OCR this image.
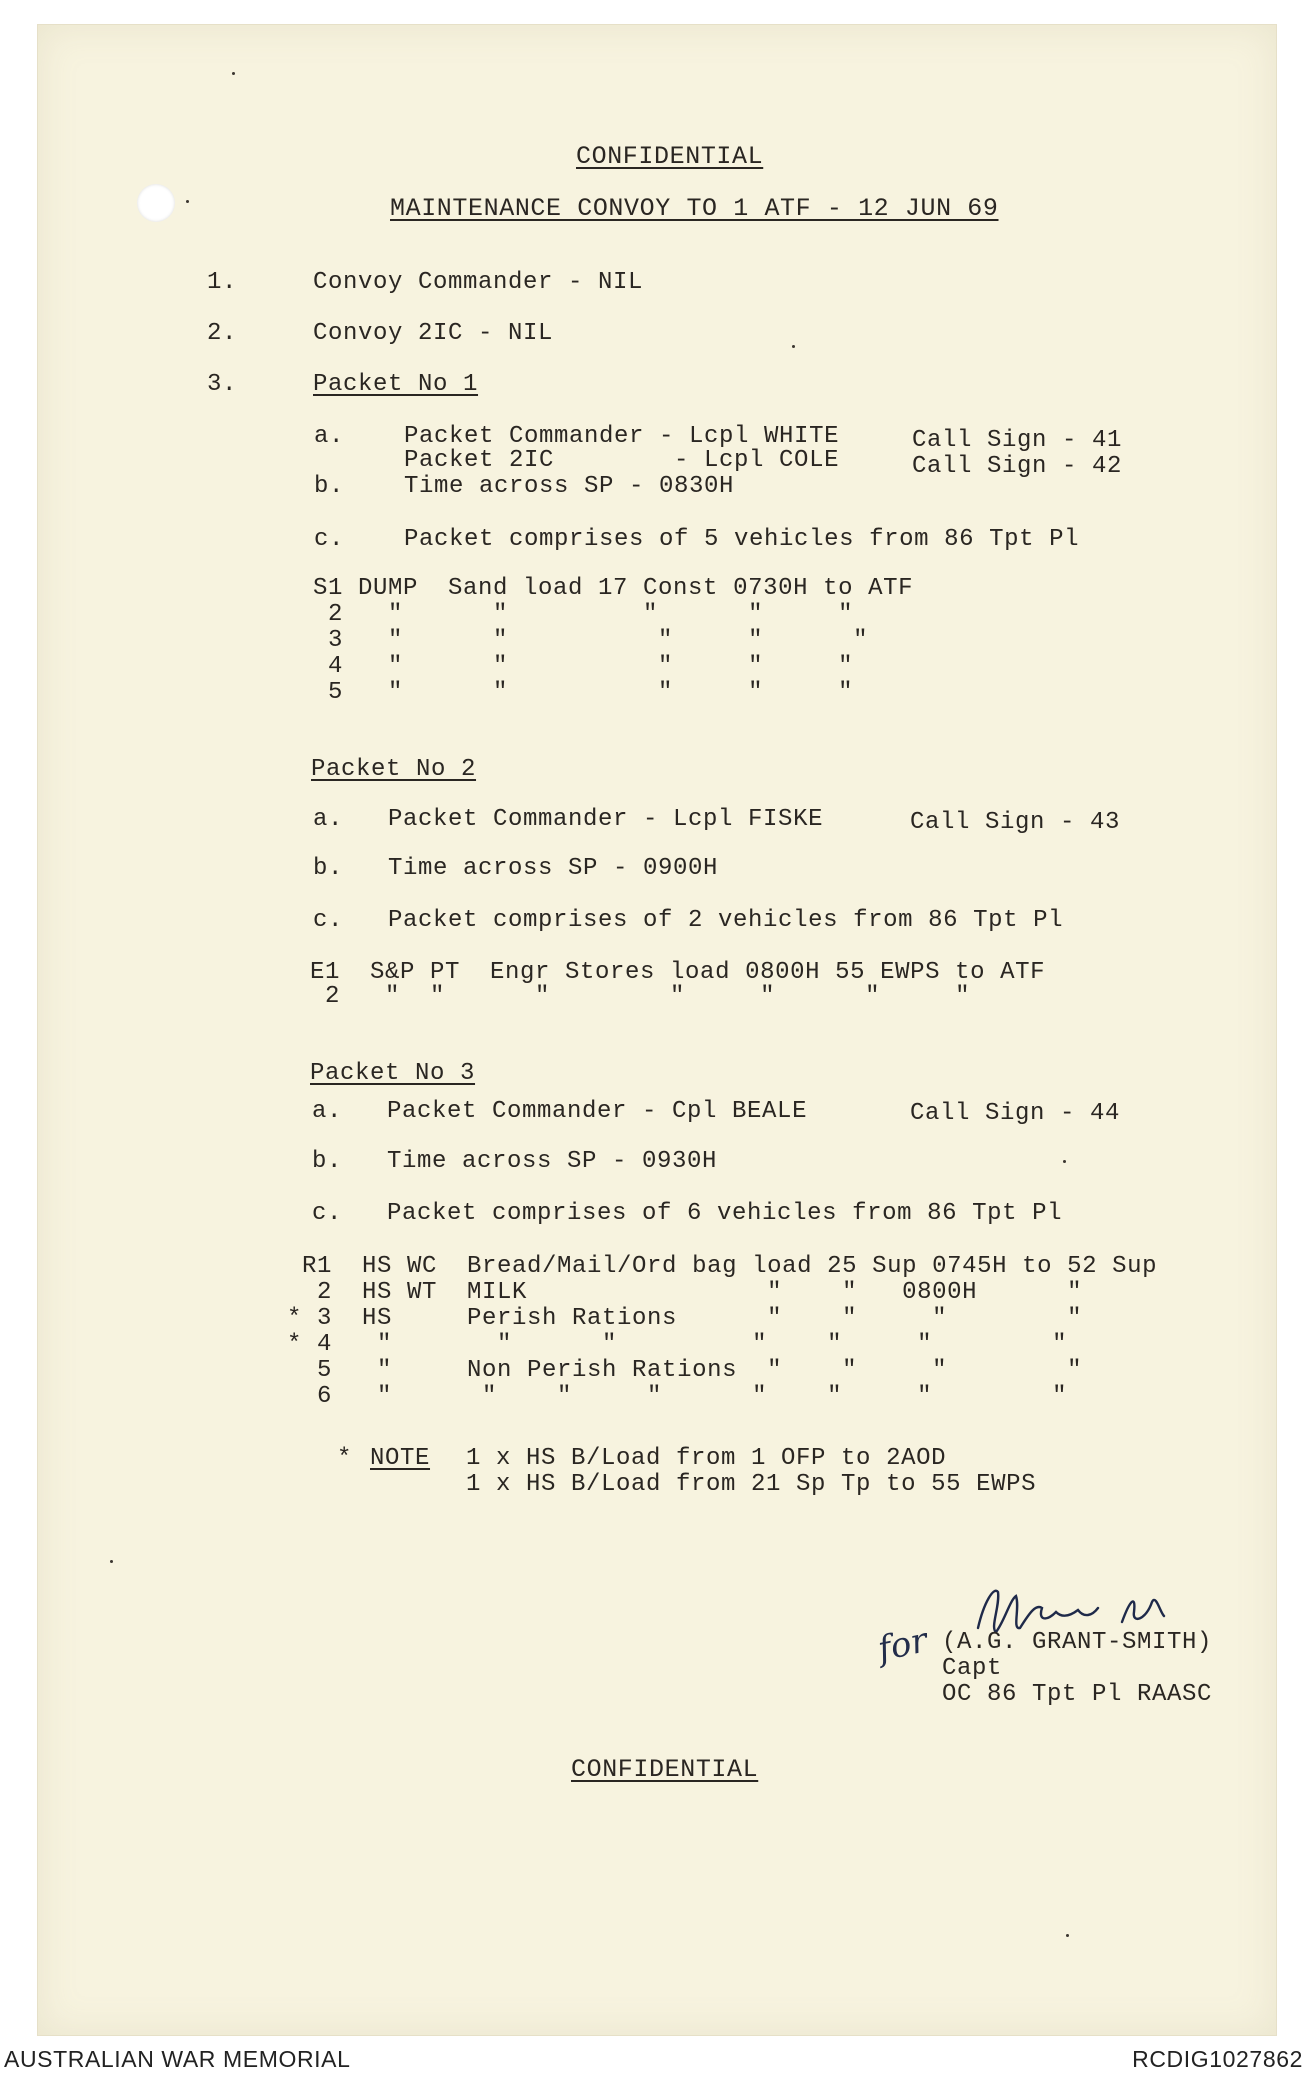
CONFIDENTIAL
MAINTENANCE CONVOY TO 1 ATF - 12 JUN 69
1.	Convoy Commander - NIL
2.	Convoy 2IC - NIL
3.	Packet No 1
a. Packet Commander - Lcpl WHITE	Call Sign - 41
Packet 2IC        - Lcpl COLE	Call Sign - 42
b. Time across SP - 0830H
c. Packet comprises of 5 vehicles from 86 Tpt Pl
S1 DUMP  Sand load 17 Const 0730H to ATF
2   "      "         "      "     "
3   "      "          "     "      "
4   "      "          "     "     "
5   "      "          "     "     "
Packet No 2
a. Packet Commander - Lcpl FISKE	Call Sign - 43
b. Time across SP - 0900H
c. Packet comprises of 2 vehicles from 86 Tpt Pl
E1  S&P PT  Engr Stores load 0800H 55 EWPS to ATF
2   "  "      "        "     "      "     "
Packet No 3
a. Packet Commander - Cpl BEALE	Call Sign - 44
b. Time across SP - 0930H
c. Packet comprises of 6 vehicles from 86 Tpt Pl
R1  HS WC  Bread/Mail/Ord bag load 25 Sup 0745H to 52 Sup
2  HS WT  MILK                "    "   0800H      "
* 3  HS     Perish Rations      "    "     "        "
* 4   "       "      "         "    "     "        "
5   "     Non Perish Rations  "    "     "        "
6   "      "    "     "      "    "     "        "
* NOTE 1 x HS B/Load from 1 OFP to 2AOD
1 x HS B/Load from 21 Sp Tp to 55 EWPS
for (A.G. GRANT-SMITH)
Capt
OC 86 Tpt Pl RAASC
CONFIDENTIAL
AUSTRALIAN WAR MEMORIAL	RCDIG1027862
